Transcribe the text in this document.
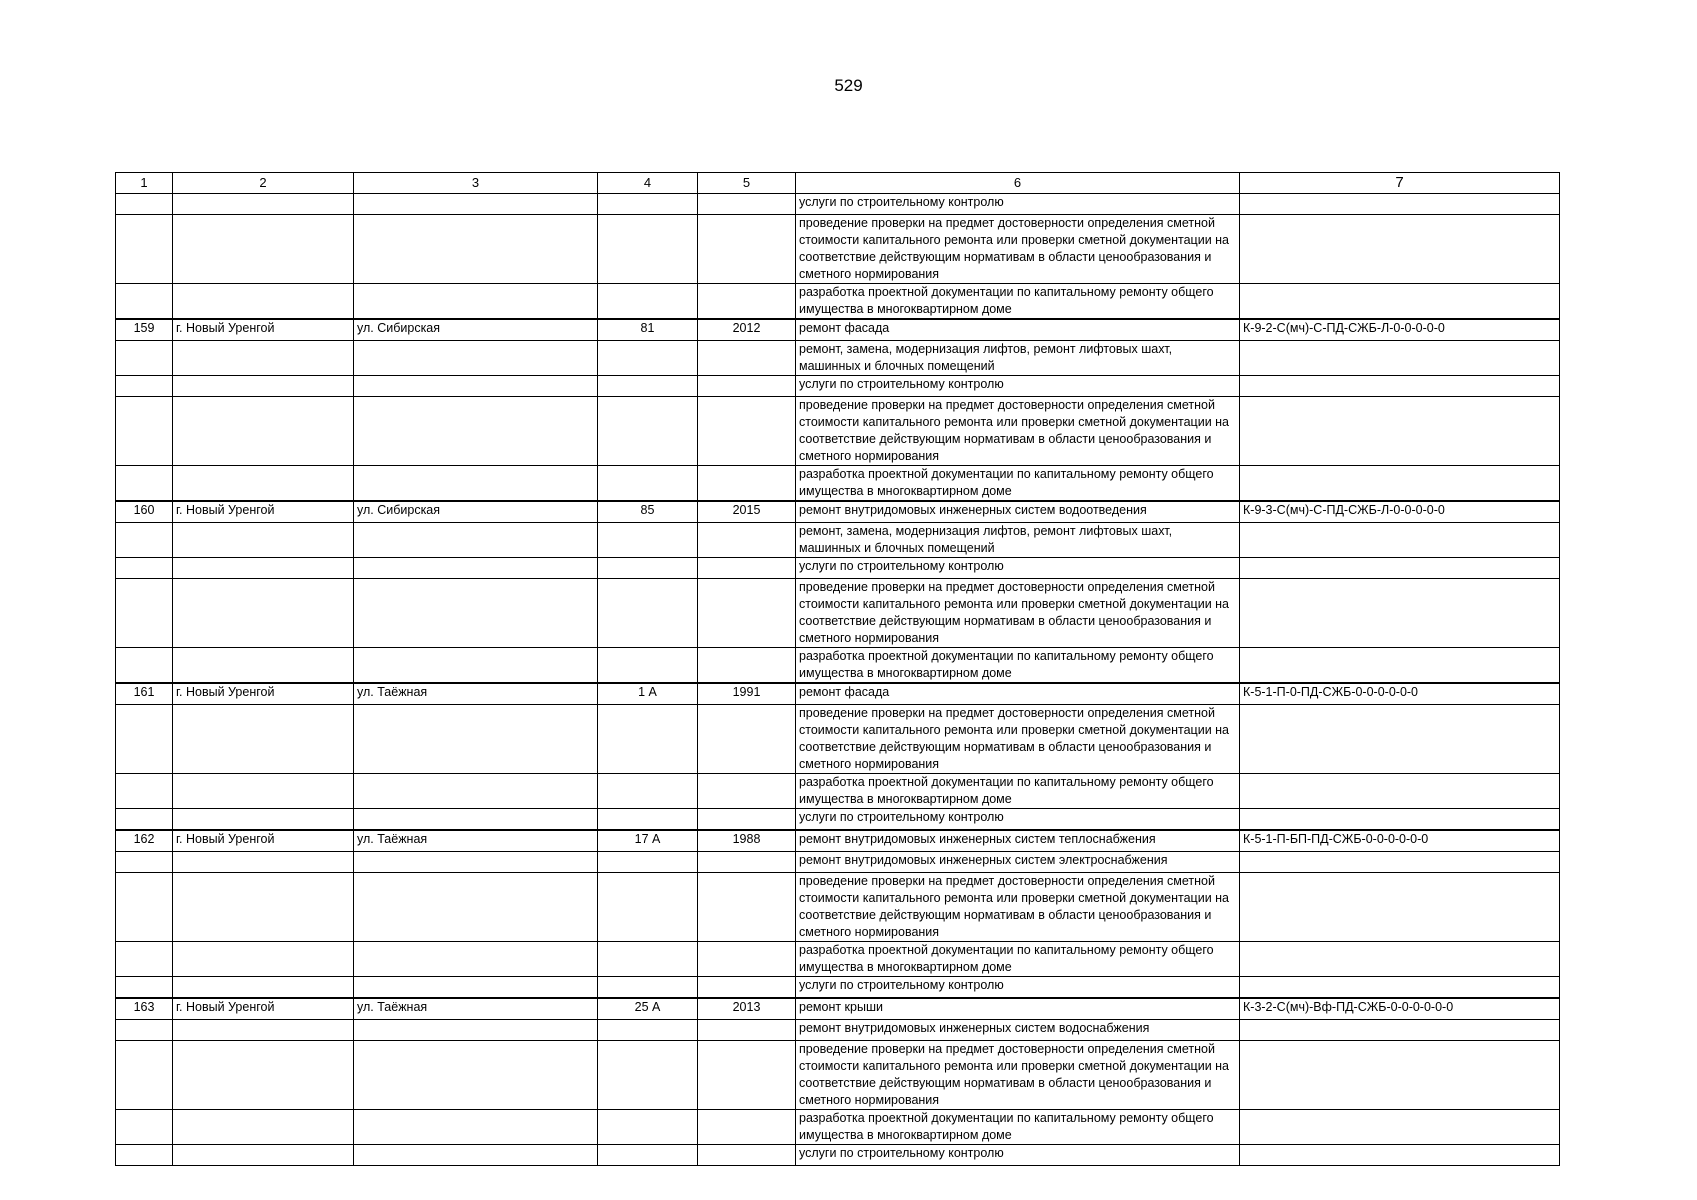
529
1	2	3	4	5	6	7
					услуги по строительному контролю	
					проведение проверки на предмет достоверности определения сметной стоимости капитального ремонта или проверки сметной документации на соответствие действующим нормативам в области ценообразования и сметного нормирования	
					разработка проектной документации по капитальному ремонту общего имущества в многоквартирном доме	
159	г. Новый Уренгой	ул. Сибирская	81	2012	ремонт фасада	К-9-2-С(мч)-С-ПД-СЖБ-Л-0-0-0-0-0
					ремонт, замена, модернизация лифтов, ремонт лифтовых шахт, машинных и блочных помещений	
					услуги по строительному контролю	
					проведение проверки на предмет достоверности определения сметной стоимости капитального ремонта или проверки сметной документации на соответствие действующим нормативам в области ценообразования и сметного нормирования	
					разработка проектной документации по капитальному ремонту общего имущества в многоквартирном доме	
160	г. Новый Уренгой	ул. Сибирская	85	2015	ремонт внутридомовых инженерных систем водоотведения	К-9-3-С(мч)-С-ПД-СЖБ-Л-0-0-0-0-0
					ремонт, замена, модернизация лифтов, ремонт лифтовых шахт, машинных и блочных помещений	
					услуги по строительному контролю	
					проведение проверки на предмет достоверности определения сметной стоимости капитального ремонта или проверки сметной документации на соответствие действующим нормативам в области ценообразования и сметного нормирования	
					разработка проектной документации по капитальному ремонту общего имущества в многоквартирном доме	
161	г. Новый Уренгой	ул. Таёжная	1 А	1991	ремонт фасада	К-5-1-П-0-ПД-СЖБ-0-0-0-0-0-0
					проведение проверки на предмет достоверности определения сметной стоимости капитального ремонта или проверки сметной документации на соответствие действующим нормативам в области ценообразования и сметного нормирования	
					разработка проектной документации по капитальному ремонту общего имущества в многоквартирном доме	
					услуги по строительному контролю	
162	г. Новый Уренгой	ул. Таёжная	17 А	1988	ремонт внутридомовых инженерных систем теплоснабжения	К-5-1-П-БП-ПД-СЖБ-0-0-0-0-0-0
					ремонт внутридомовых инженерных систем электроснабжения	
					проведение проверки на предмет достоверности определения сметной стоимости капитального ремонта или проверки сметной документации на соответствие действующим нормативам в области ценообразования и сметного нормирования	
					разработка проектной документации по капитальному ремонту общего имущества в многоквартирном доме	
					услуги по строительному контролю	
163	г. Новый Уренгой	ул. Таёжная	25 А	2013	ремонт крыши	К-3-2-С(мч)-Вф-ПД-СЖБ-0-0-0-0-0-0
					ремонт внутридомовых инженерных систем водоснабжения	
					проведение проверки на предмет достоверности определения сметной стоимости капитального ремонта или проверки сметной документации на соответствие действующим нормативам в области ценообразования и сметного нормирования	
					разработка проектной документации по капитальному ремонту общего имущества в многоквартирном доме	
					услуги по строительному контролю	
